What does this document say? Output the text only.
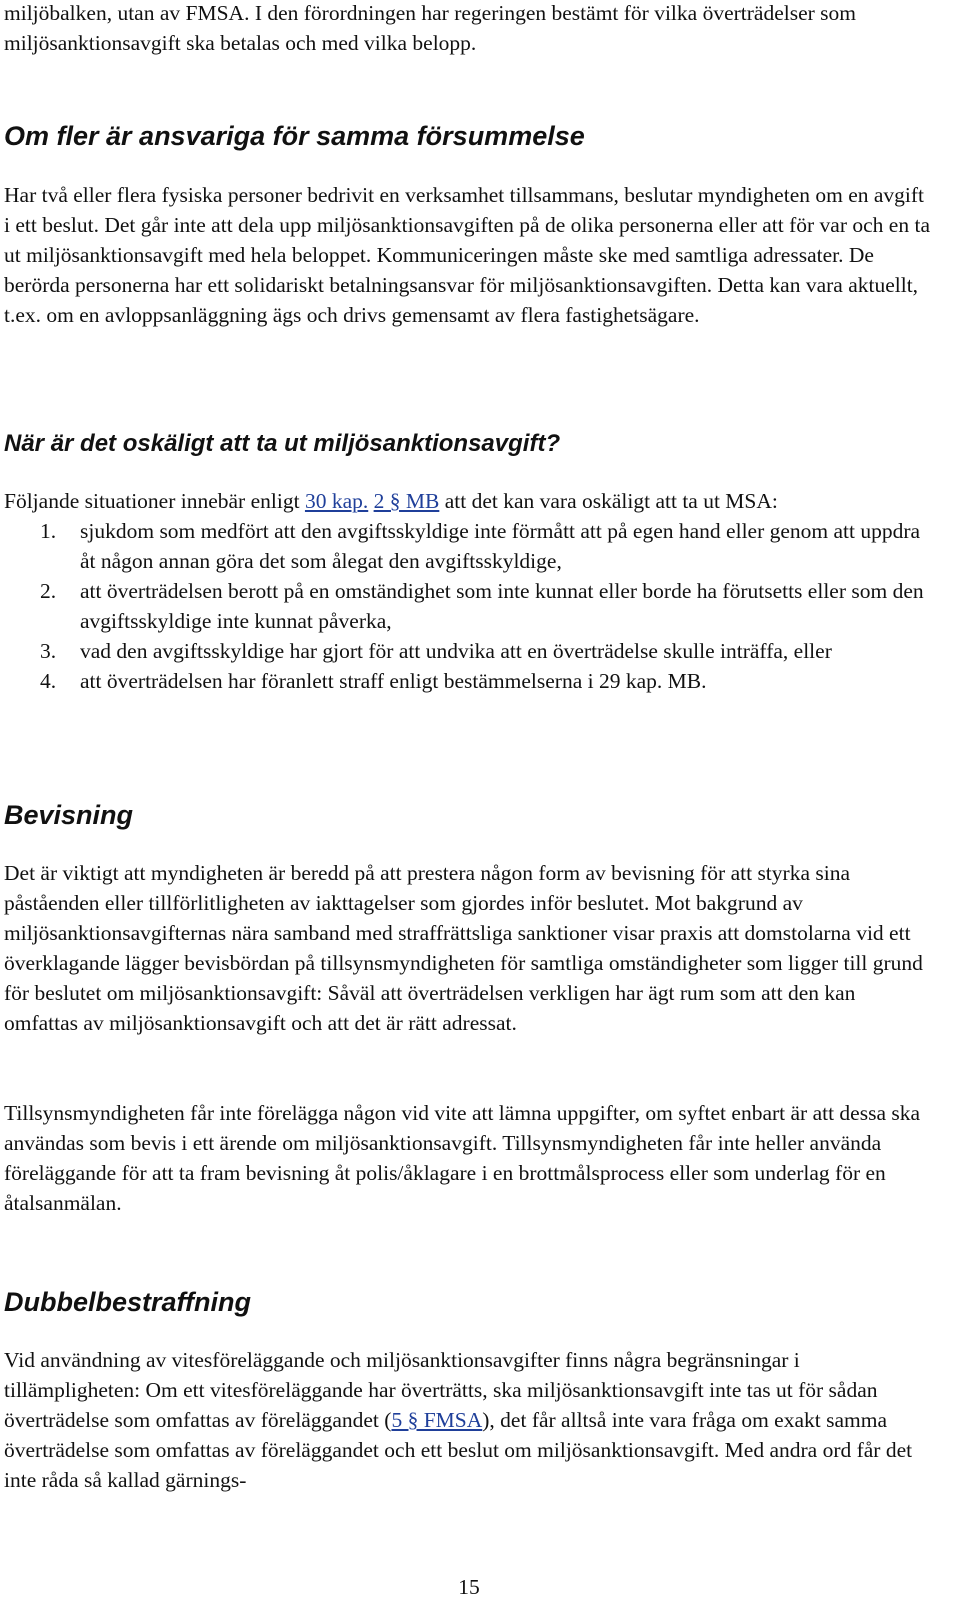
miljöbalken, utan av FMSA. I den förordningen har regeringen bestämt för vilka överträdelser som miljösanktionsavgift ska betalas och med vilka belopp.

Om fler är ansvariga för samma försummelse

Har två eller flera fysiska personer bedrivit en verksamhet tillsammans, beslutar myndigheten om en avgift i ett beslut. Det går inte att dela upp miljösanktionsavgiften på de olika personerna eller att för var och en ta ut miljösanktionsavgift med hela beloppet. Kommuniceringen måste ske med samtliga adressater. De berörda personerna har ett solidariskt betalningsansvar för miljösanktionsavgiften. Detta kan vara aktuellt, t.ex. om en avloppsanläggning ägs och drivs gemensamt av flera fastighetsägare.

När är det oskäligt att ta ut miljösanktionsavgift?

Följande situationer innebär enligt 30 kap. 2 § MB att det kan vara oskäligt att ta ut MSA:

1. sjukdom som medfört att den avgiftsskyldige inte förmått att på egen hand eller genom att uppdra åt någon annan göra det som ålegat den avgiftsskyldige,
2. att överträdelsen berott på en omständighet som inte kunnat eller borde ha förutsetts eller som den avgiftsskyldige inte kunnat påverka,
3. vad den avgiftsskyldige har gjort för att undvika att en överträdelse skulle inträffa, eller
4. att överträdelsen har föranlett straff enligt bestämmelserna i 29 kap. MB.
Bevisning

Det är viktigt att myndigheten är beredd på att prestera någon form av bevisning för att styrka sina påståenden eller tillförlitligheten av iakttagelser som gjordes inför beslutet. Mot bakgrund av miljösanktionsavgifternas nära samband med straffrättsliga sanktioner visar praxis att domstolarna vid ett överklagande lägger bevisbördan på tillsynsmyndigheten för samtliga omständigheter som ligger till grund för beslutet om miljösanktionsavgift: Såväl att överträdelsen verkligen har ägt rum som att den kan omfattas av miljösanktionsavgift och att det är rätt adressat.

Tillsynsmyndigheten får inte förelägga någon vid vite att lämna uppgifter, om syftet enbart är att dessa ska användas som bevis i ett ärende om miljösanktionsavgift. Tillsynsmyndigheten får inte heller använda föreläggande för att ta fram bevisning åt polis/åklagare i en brottmålsprocess eller som underlag för en åtalsanmälan.

Dubbelbestraffning

Vid användning av vitesföreläggande och miljösanktionsavgifter finns några begränsningar i tillämpligheten: Om ett vitesföreläggande har överträtts, ska miljösanktionsavgift inte tas ut för sådan överträdelse som omfattas av föreläggandet (5 § FMSA), det får alltså inte vara fråga om exakt samma överträdelse som omfattas av föreläggandet och ett beslut om miljösanktionsavgift. Med andra ord får det inte råda så kallad gärnings-

15
